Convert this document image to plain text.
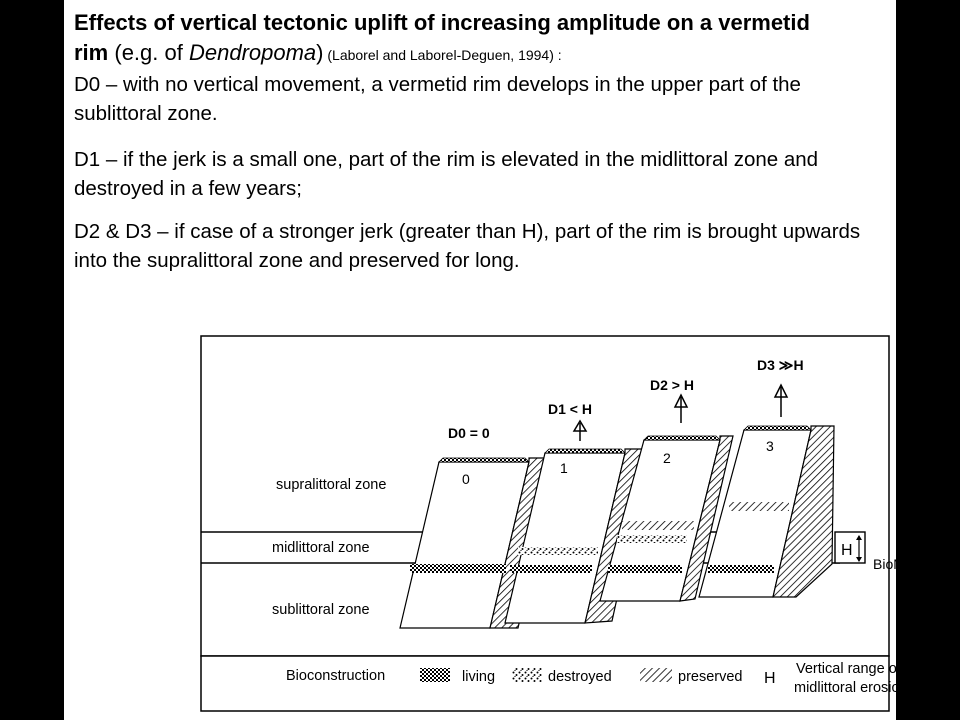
Effects of vertical tectonic uplift of increasing amplitude on a vermetid
rim (e.g. of Dendropoma) (Laborel and Laborel-Deguen, 1994) :
D0 – with no vertical movement, a vermetid rim develops in the upper part of the sublittoral zone.
D1 – if the jerk is a small one, part of the rim is elevated in the midlittoral zone and destroyed in a few years;
D2 & D3 – if case of a stronger jerk (greater than H), part of the rim is brought upwards into the supralittoral zone and preserved for long.
supralittoral zone
midlittoral zone
sublittoral zone
0
D0 = 0
1
D1 < H
2
D2 > H
3
D3 ≫H
H
BioMSL
Bioconstruction	living	destroyed	preserved H
Vertical range of
midlittoral erosion
